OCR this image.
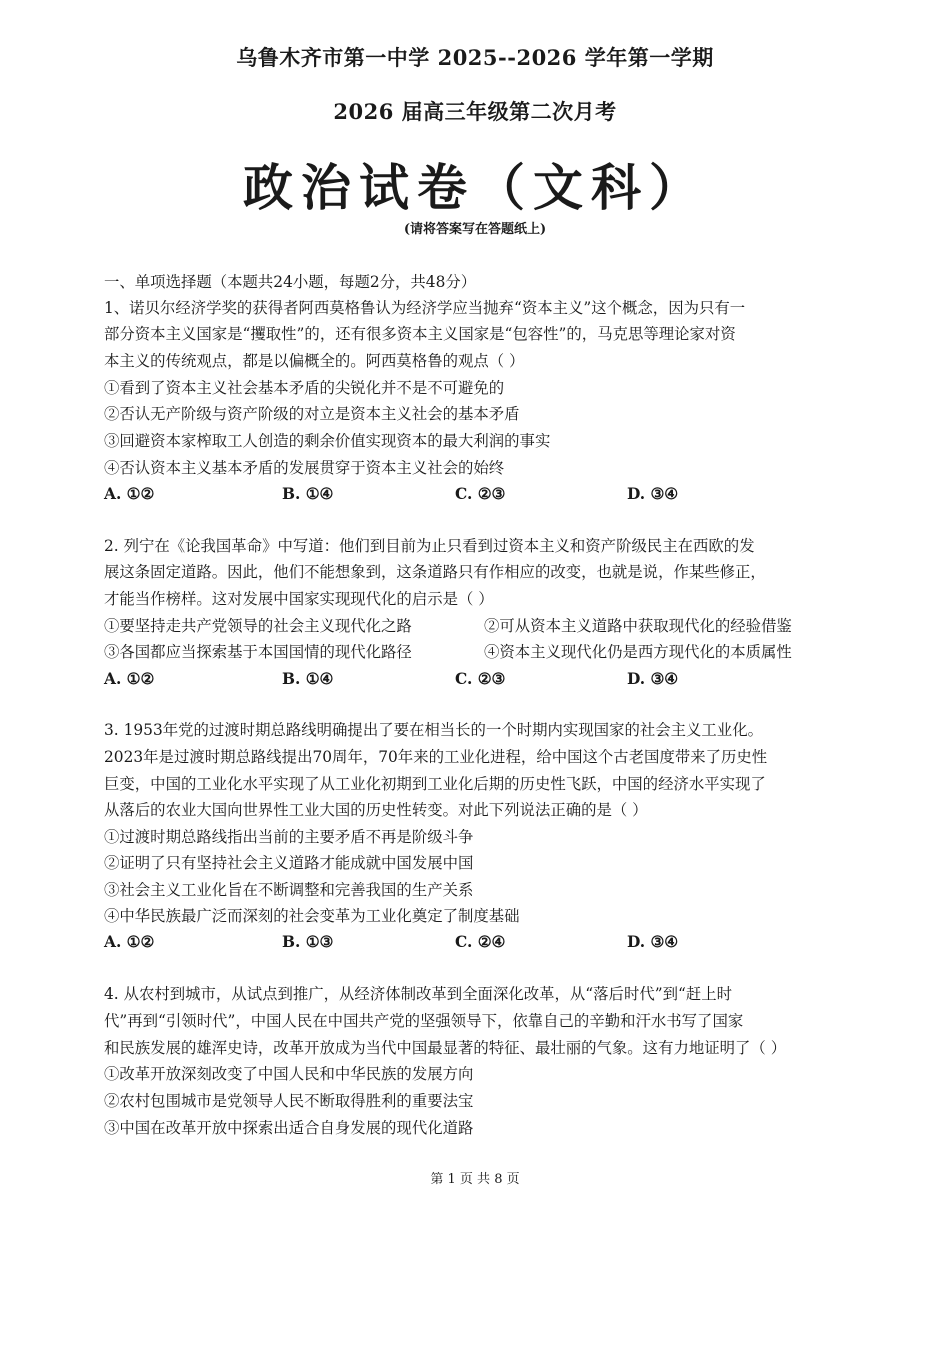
乌鲁木齐市第一中学 2025--2026 学年第一学期
2026 届高三年级第二次月考
政治试卷（文科）
(请将答案写在答题纸上)
一、单项选择题（本题共24小题，每题2分，共48分）
1、诺贝尔经济学奖的获得者阿西莫格鲁认为经济学应当抛弃“资本主义”这个概念，因为只有一
部分资本主义国家是“攫取性”的，还有很多资本主义国家是“包容性”的，马克思等理论家对资
本主义的传统观点，都是以偏概全的。阿西莫格鲁的观点（ ）
①看到了资本主义社会基本矛盾的尖锐化并不是不可避免的
②否认无产阶级与资产阶级的对立是资本主义社会的基本矛盾
③回避资本家榨取工人创造的剩余价值实现资本的最大利润的事实
④否认资本主义基本矛盾的发展贯穿于资本主义社会的始终
A. ①②	B. ①④	C. ②③	D. ③④
2. 列宁在《论我国革命》中写道：他们到目前为止只看到过资本主义和资产阶级民主在西欧的发
展这条固定道路。因此，他们不能想象到，这条道路只有作相应的改变，也就是说，作某些修正，
才能当作榜样。这对发展中国家实现现代化的启示是（ ）
①要坚持走共产党领导的社会主义现代化之路	②可从资本主义道路中获取现代化的经验借鉴
③各国都应当探索基于本国国情的现代化路径	④资本主义现代化仍是西方现代化的本质属性
A. ①②	B. ①④	C. ②③	D. ③④
3. 1953年党的过渡时期总路线明确提出了要在相当长的一个时期内实现国家的社会主义工业化。
2023年是过渡时期总路线提出70周年，70年来的工业化进程，给中国这个古老国度带来了历史性
巨变，中国的工业化水平实现了从工业化初期到工业化后期的历史性飞跃，中国的经济水平实现了
从落后的农业大国向世界性工业大国的历史性转变。对此下列说法正确的是（ ）
①过渡时期总路线指出当前的主要矛盾不再是阶级斗争
②证明了只有坚持社会主义道路才能成就中国发展中国
③社会主义工业化旨在不断调整和完善我国的生产关系
④中华民族最广泛而深刻的社会变革为工业化奠定了制度基础
A. ①②	B. ①③	C. ②④	D. ③④
4. 从农村到城市，从试点到推广，从经济体制改革到全面深化改革，从“落后时代”到“赶上时
代”再到“引领时代”，中国人民在中国共产党的坚强领导下，依靠自己的辛勤和汗水书写了国家
和民族发展的雄浑史诗，改革开放成为当代中国最显著的特征、最壮丽的气象。这有力地证明了（ ）
①改革开放深刻改变了中国人民和中华民族的发展方向
②农村包围城市是党领导人民不断取得胜利的重要法宝
③中国在改革开放中探索出适合自身发展的现代化道路
第 1 页 共 8 页
